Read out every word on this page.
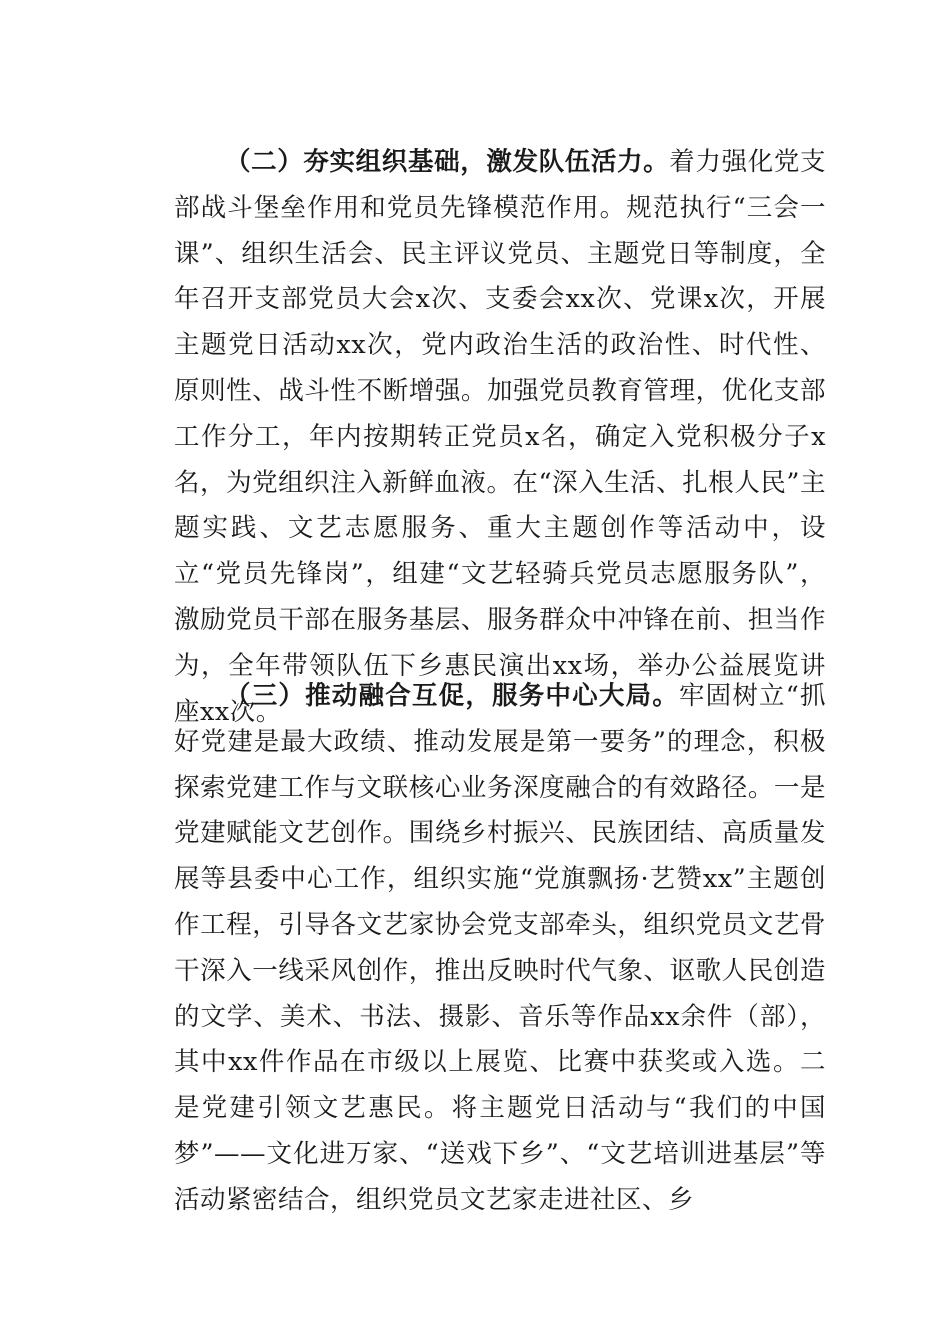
（二）夯实组织基础，激发队伍活力。着力强化党支部战斗堡垒作用和党员先锋模范作用。规范执行“三会一课”、组织生活会、民主评议党员、主题党日等制度，全年召开支部党员大会x次、支委会xx次、党课x次，开展主题党日活动xx次，党内政治生活的政治性、时代性、原则性、战斗性不断增强。加强党员教育管理，优化支部工作分工，年内按期转正党员x名，确定入党积极分子x名，为党组织注入新鲜血液。在“深入生活、扎根人民”主题实践、文艺志愿服务、重大主题创作等活动中，设立“党员先锋岗”，组建“文艺轻骑兵党员志愿服务队”，激励党员干部在服务基层、服务群众中冲锋在前、担当作为，全年带领队伍下乡惠民演出xx场，举办公益展览讲座xx次。

（三）推动融合互促，服务中心大局。牢固树立“抓好党建是最大政绩、推动发展是第一要务”的理念，积极探索党建工作与文联核心业务深度融合的有效路径。一是党建赋能文艺创作。围绕乡村振兴、民族团结、高质量发展等县委中心工作，组织实施“党旗飘扬·艺赞xx”主题创作工程，引导各文艺家协会党支部牵头，组织党员文艺骨干深入一线采风创作，推出反映时代气象、讴歌人民创造的文学、美术、书法、摄影、音乐等作品xx余件（部），其中xx件作品在市级以上展览、比赛中获奖或入选。二是党建引领文艺惠民。将主题党日活动与“我们的中国梦”——文化进万家、“送戏下乡”、“文艺培训进基层”等活动紧密结合，组织党员文艺家走进社区、乡
